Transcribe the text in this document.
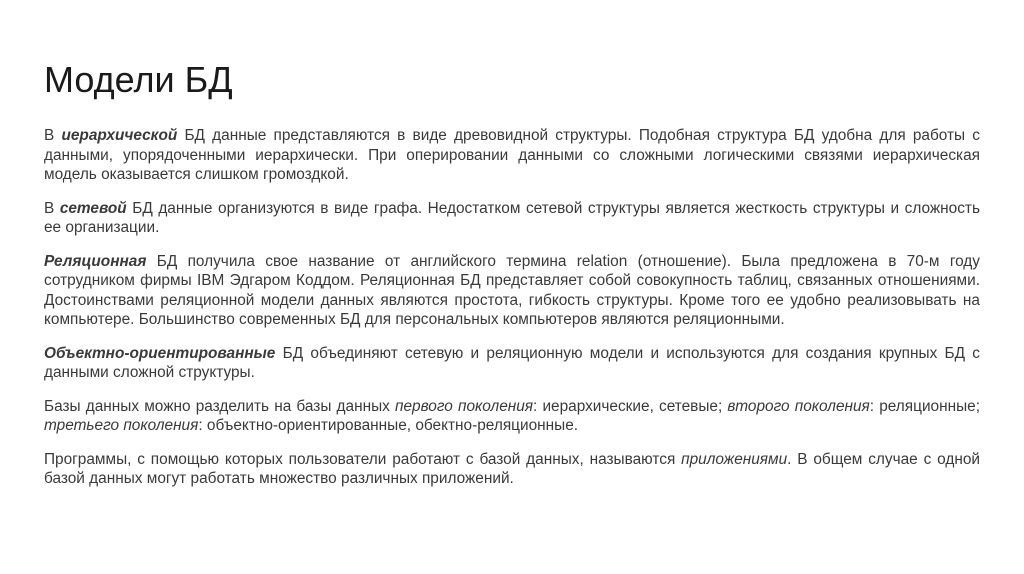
Модели БД

В иерархической БД данные представляются в виде древовидной структуры. Подобная структура БД удобна для работы с данными, упорядоченными иерархически. При оперировании данными со сложными логическими связями иерархическая модель оказывается слишком громоздкой.

В сетевой БД данные организуются в виде графа. Недостатком сетевой структуры является жесткость структуры и сложность ее организации.

Реляционная БД получила свое название от английского термина relation (отношение). Была предложена в 70-м году сотрудником фирмы IBM Эдгаром Коддом. Реляционная БД представляет собой совокупность таблиц, связанных отношениями. Достоинствами реляционной модели данных являются простота, гибкость структуры. Кроме того ее удобно реализовывать на компьютере. Большинство современных БД для персональных компьютеров являются реляционными.

Объектно-ориентированные БД объединяют сетевую и реляционную модели и используются для создания крупных БД с данными сложной структуры.

Базы данных можно разделить на базы данных первого поколения: иерархические, сетевые; второго поколения: реляционные; третьего поколения: объектно-ориентированные, обектно-реляционные.

Программы, с помощью которых пользователи работают с базой данных, называются приложениями. В общем случае с одной базой данных могут работать множество различных приложений.
